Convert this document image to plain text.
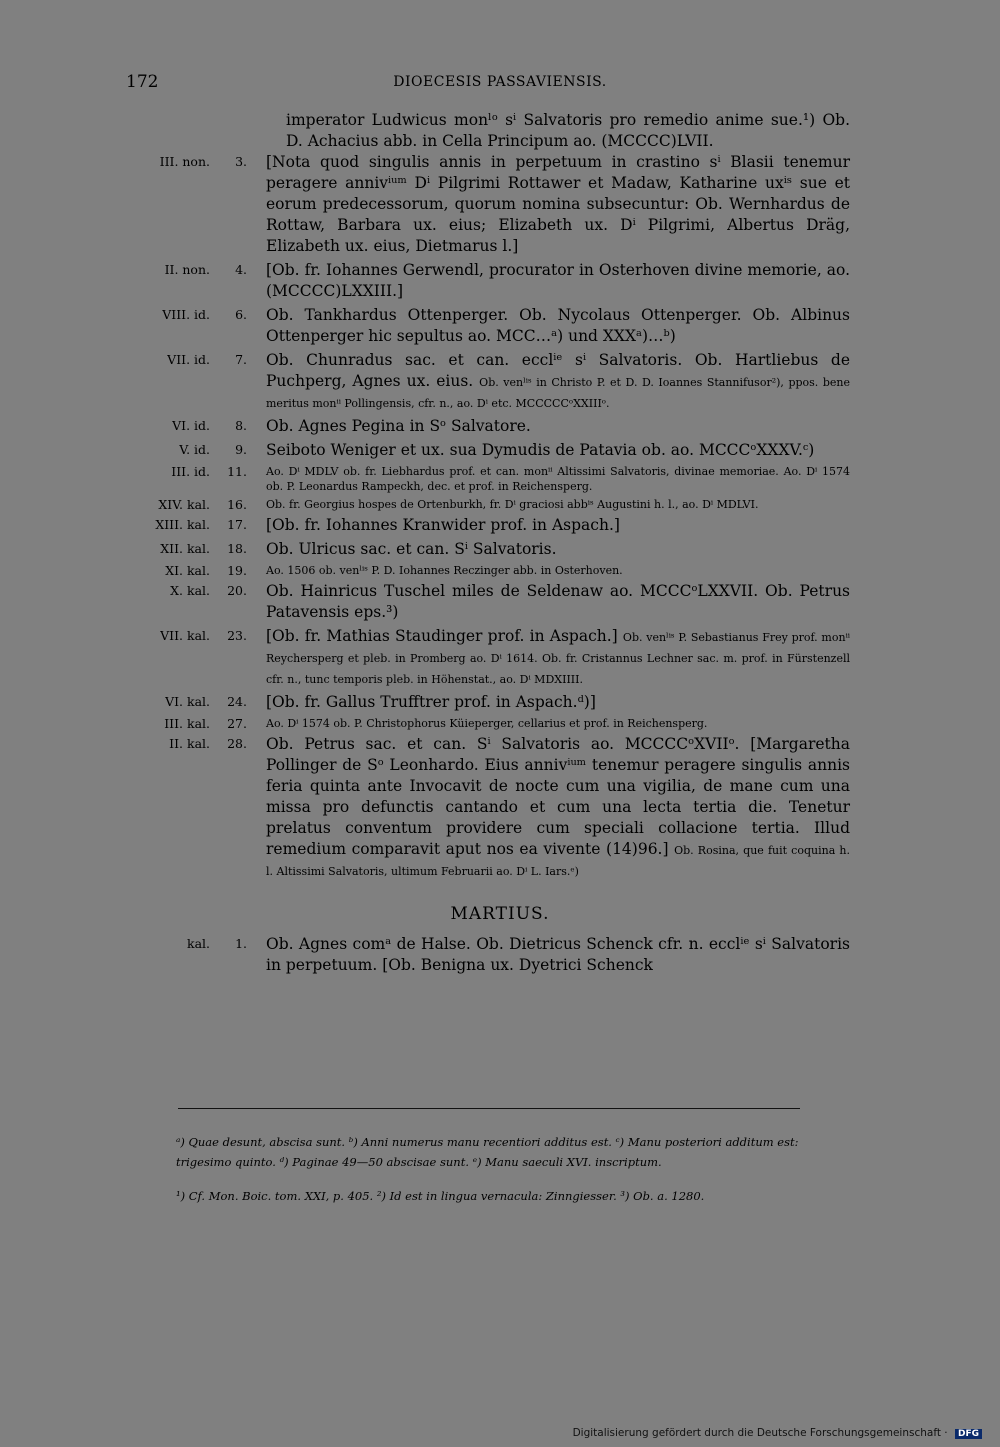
172	DIOECESIS PASSAVIENSIS.
imperator Ludwicus monˡᵒ sⁱ Salvatoris pro remedio anime sue.¹) Ob. D. Achacius abb. in Cella Principum ao. (MCCCC)LVII.
III. non.	3. [Nota quod singulis annis in perpetuum in crastino sⁱ Blasii tenemur peragere annivⁱᵘᵐ Dⁱ Pilgrimi Rottawer et Madaw, Katharine uxⁱˢ sue et eorum predecessorum, quorum nomina subsecuntur: Ob. Wernhardus de Rottaw, Barbara ux. eius; Elizabeth ux. Dⁱ Pilgrimi, Albertus Dräg, Elizabeth ux. eius, Dietmarus l.]
II. non.	4. [Ob. fr. Iohannes Gerwendl, procurator in Osterhoven divine memorie, ao. (MCCCC)LXXIII.]
VIII. id.	6. Ob. Tankhardus Ottenperger. Ob. Nycolaus Ottenperger. Ob. Albinus Ottenperger hic sepultus ao. MCC…ᵃ) und XXXᵃ)…ᵇ)
VII. id.	7. Ob. Chunradus sac. et can. ecclⁱᵉ sⁱ Salvatoris. Ob. Hartliebus de Puchperg, Agnes ux. eius. Ob. venˡⁱˢ in Christo P. et D. D. Ioannes Stannifusor²), ppos. bene meritus monⁱⁱ Pollingensis, cfr. n., ao. Dⁱ etc. MCCCCCᵒXXIIIᵒ.
VI. id.	8. Ob. Agnes Pegina in Sᵒ Salvatore.
V. id.	9. Seiboto Weniger et ux. sua Dymudis de Patavia ob. ao. MCCCᵒXXXV.ᶜ)
III. id.	11. Ao. Dⁱ MDLV ob. fr. Liebhardus prof. et can. monⁱⁱ Altissimi Salvatoris, divinae memoriae. Ao. Dⁱ 1574 ob. P. Leonardus Rampeckh, dec. et prof. in Reichensperg.
XIV. kal.	16. Ob. fr. Georgius hospes de Ortenburkh, fr. Dⁱ graciosi abbⁱˢ Augustini h. l., ao. Dⁱ MDLVI.
XIII. kal.	17. [Ob. fr. Iohannes Kranwider prof. in Aspach.]
XII. kal.	18. Ob. Ulricus sac. et can. Sⁱ Salvatoris.
XI. kal.	19. Ao. 1506 ob. venˡⁱˢ P. D. Iohannes Reczinger abb. in Osterhoven.
X. kal.	20. Ob. Hainricus Tuschel miles de Seldenaw ao. MCCCᵒLXXVII. Ob. Petrus Patavensis eps.³)
VII. kal.	23. [Ob. fr. Mathias Staudinger prof. in Aspach.] Ob. venˡⁱˢ P. Sebastianus Frey prof. monⁱⁱ Reychersperg et pleb. in Promberg ao. Dⁱ 1614. Ob. fr. Cristannus Lechner sac. m. prof. in Fürstenzell cfr. n., tunc temporis pleb. in Höhenstat., ao. Dⁱ MDXIIII.
VI. kal.	24. [Ob. fr. Gallus Trufftrer prof. in Aspach.ᵈ)]
III. kal.	27. Ao. Dⁱ 1574 ob. P. Christophorus Küieperger, cellarius et prof. in Reichensperg.
II. kal.	28. Ob. Petrus sac. et can. Sⁱ Salvatoris ao. MCCCCᵒXVIIᵒ. [Margaretha Pollinger de Sᵒ Leonhardo. Eius annivⁱᵘᵐ tenemur peragere singulis annis feria quinta ante Invocavit de nocte cum una vigilia, de mane cum una missa pro defunctis cantando et cum una lecta tertia die. Tenetur prelatus conventum providere cum speciali collacione tertia. Illud remedium comparavit aput nos ea vivente (14)96.] Ob. Rosina, que fuit coquina h. l. Altissimi Salvatoris, ultimum Februarii ao. Dⁱ L. Iars.ᵉ)
MARTIUS.
kal.	1. Ob. Agnes comᵃ de Halse. Ob. Dietricus Schenck cfr. n. ecclⁱᵉ sⁱ Salvatoris in perpetuum. [Ob. Benigna ux. Dyetrici Schenck
ᵃ) Quae desunt, abscisa sunt. ᵇ) Anni numerus manu recentiori additus est. ᶜ) Manu posteriori additum est: trigesimo quinto. ᵈ) Paginae 49—50 abscisae sunt. ᵉ) Manu saeculi XVI. inscriptum.
¹) Cf. Mon. Boic. tom. XXI, p. 405. ²) Id est in lingua vernacula: Zinngiesser. ³) Ob. a. 1280.
Digitalisierung gefördert durch die Deutsche Forschungsgemeinschaft · DFG
